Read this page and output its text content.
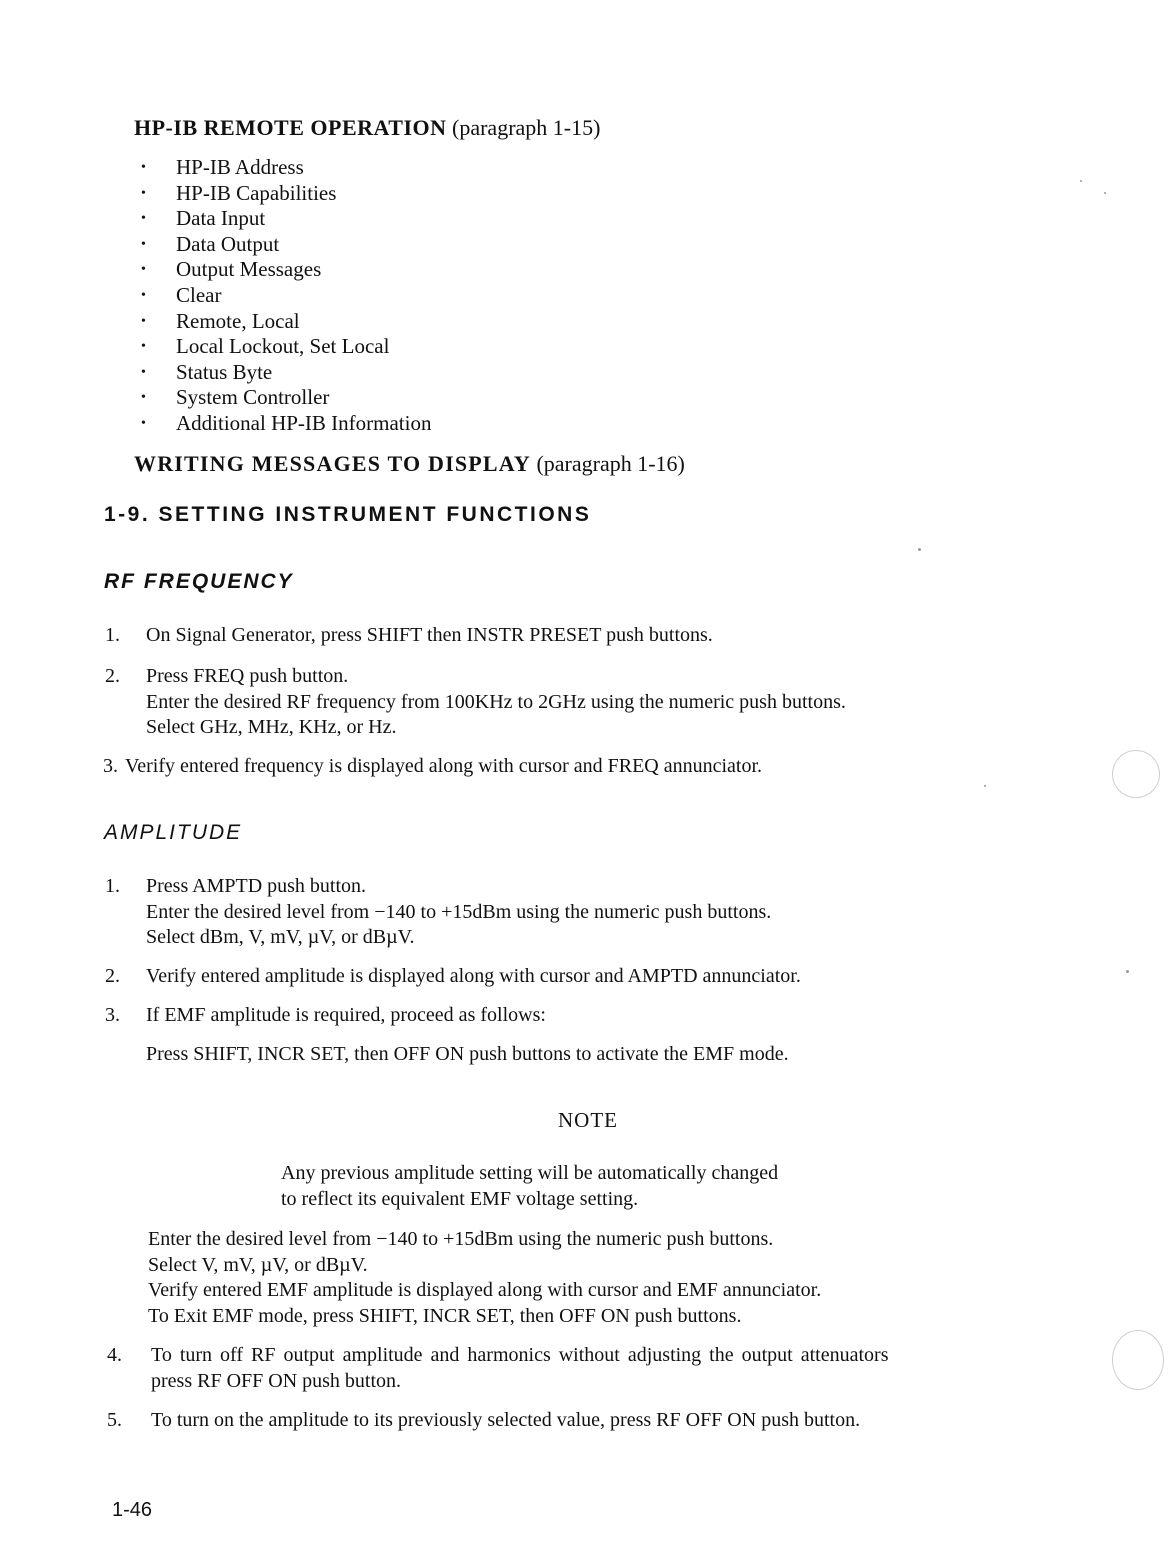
HP-IB REMOTE OPERATION (paragraph 1-15)
• HP-IB Address
• HP-IB Capabilities
• Data Input
• Data Output
• Output Messages
• Clear
• Remote, Local
• Local Lockout, Set Local
• Status Byte
• System Controller
• Additional HP-IB Information
WRITING MESSAGES TO DISPLAY (paragraph 1-16)
1-9. SETTING INSTRUMENT FUNCTIONS
RF FREQUENCY
1. On Signal Generator, press SHIFT then INSTR PRESET push buttons.
2. Press FREQ push button.
Enter the desired RF frequency from 100KHz to 2GHz using the numeric push buttons.
Select GHz, MHz, KHz, or Hz.
3. Verify entered frequency is displayed along with cursor and FREQ annunciator.
AMPLITUDE
1. Press AMPTD push button.
Enter the desired level from −140 to +15dBm using the numeric push buttons.
Select dBm, V, mV, µV, or dBµV.
2. Verify entered amplitude is displayed along with cursor and AMPTD annunciator.
3. If EMF amplitude is required, proceed as follows:
Press SHIFT, INCR SET, then OFF ON push buttons to activate the EMF mode.
NOTE
Any previous amplitude setting will be automatically changed
to reflect its equivalent EMF voltage setting.
Enter the desired level from −140 to +15dBm using the numeric push buttons.
Select V, mV, µV, or dBµV.
Verify entered EMF amplitude is displayed along with cursor and EMF annunciator.
To Exit EMF mode, press SHIFT, INCR SET, then OFF ON push buttons.
4. To turn off RF output amplitude and harmonics without adjusting the output attenuators
press RF OFF ON push button.
5. To turn on the amplitude to its previously selected value, press RF OFF ON push button.
1-46
